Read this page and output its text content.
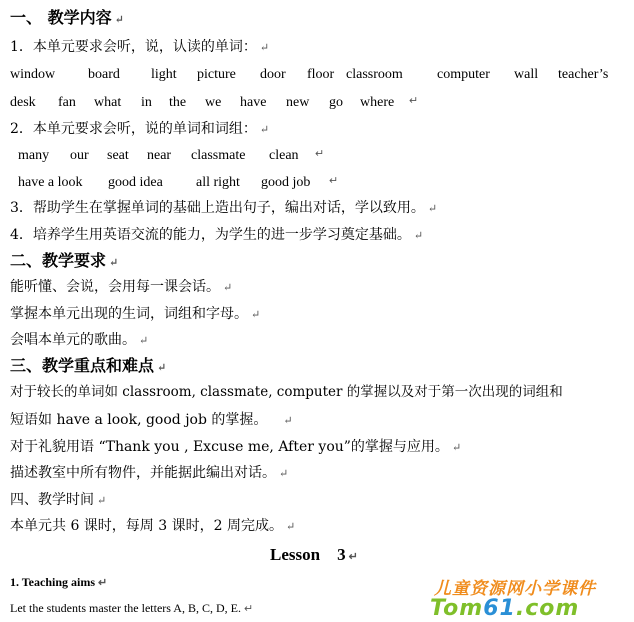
一、 教学内容 ↵
1．本单元要求会听，说，认读的单词： ↵
window board light picture door floor classroom computer wall teacher’s
desk fan what in the we have new go where ↵
2．本单元要求会听，说的单词和词组： ↵
many our seat near classmate clean ↵
have a look good idea all right good job ↵
3．帮助学生在掌握单词的基础上造出句子，编出对话，学以致用。 ↵
4．培养学生用英语交流的能力，为学生的进一步学习奠定基础。 ↵
二、教学要求 ↵
能听懂、会说，会用每一课会话。 ↵
掌握本单元出现的生词，词组和字母。 ↵
会唱本单元的歌曲。 ↵
三、教学重点和难点 ↵
对于较长的单词如 classroom, classmate, computer 的掌握以及对于第一次出现的词组和
短语如 have a look, good job 的掌握。 ↵
对于礼貌用语 “Thank you , Excuse me, After you”的掌握与应用。 ↵
描述教室中所有物件，并能据此编出对话。 ↵
四、教学时间 ↵
本单元共 6 课时，每周 3 课时，2 周完成。 ↵
Lesson    3 ↵
1. Teaching aims ↵
Let the students master the letters A, B, C, D, E. ↵
儿童资源网小学课件
Tom61.com
